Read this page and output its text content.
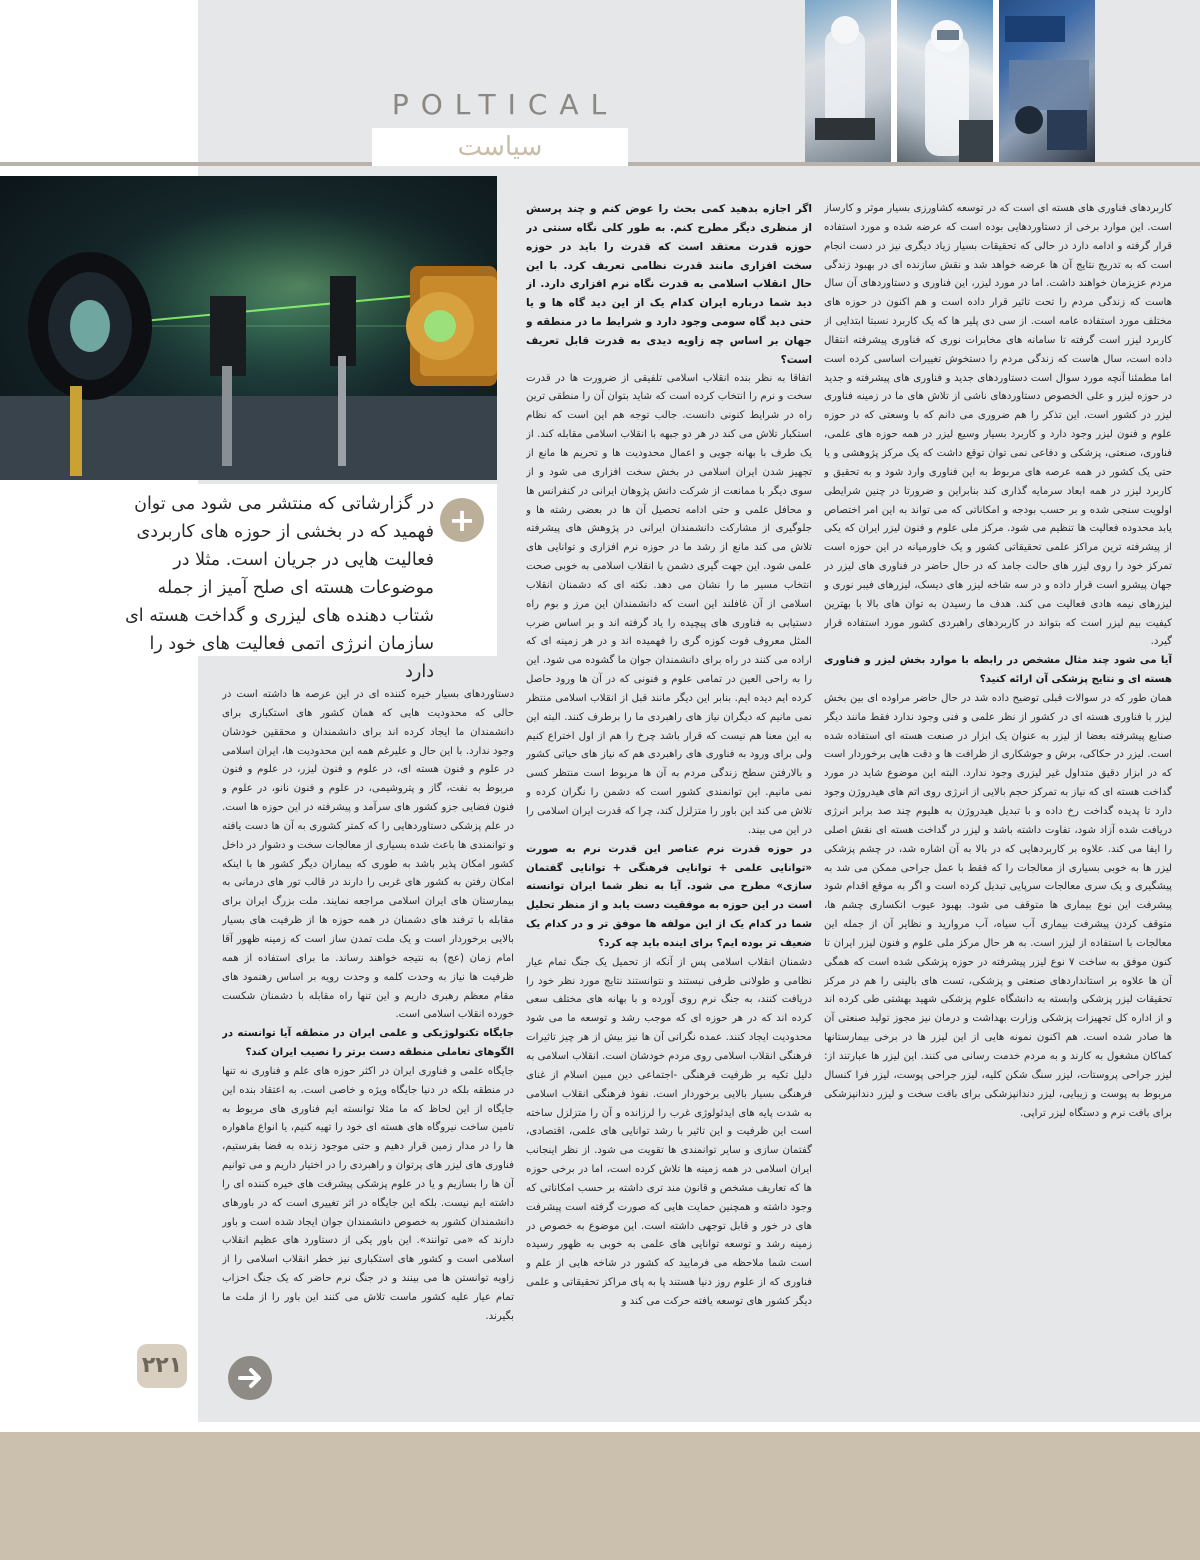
POLTICAL
سیاست
+
در گزارشاتی که منتشر می شود می توان فهمید که در بخشی از حوزه های کاربردی فعالیت هایی در جریان است. مثلا در موضوعات هسته ای صلح آمیز از جمله شتاب دهنده های لیزری و گداخت هسته ای سازمان انرژی اتمی فعالیت های خود را دارد

کاربردهای فناوری های هسته ای است که در توسعه کشاورزی بسیار موثر و کارساز است. این موارد برخی از دستاوردهایی بوده است که عرضه شده و مورد استفاده قرار گرفته و ادامه دارد در حالی که تحقیقات بسیار زیاد دیگری نیز در دست انجام است که به تدریج نتایج آن ها عرضه خواهد شد و نقش سازنده ای در بهبود زندگی مردم عزیزمان خواهند داشت. اما در مورد لیزر، این فناوری و دستاوردهای آن سال هاست که زندگی مردم را تحت تاثیر قرار داده است و هم اکنون در حوزه های مختلف مورد استفاده عامه است. از سی دی پلیر ها که یک کاربرد نسبتا ابتدایی از کاربرد لیزر است گرفته تا سامانه های مخابرات نوری که فناوری پیشرفته انتقال داده است، سال هاست که زندگی مردم را دستخوش تغییرات اساسی کرده است اما مطمئنا آنچه مورد سوال است دستاوردهای جدید و فناوری های پیشرفته و جدید در حوزه لیزر و علی الخصوص دستاوردهای ناشی از تلاش های ما در زمینه فناوری لیزر در کشور است. این تذکر را هم ضروری می دانم که با وسعتی که در حوزه علوم و فنون لیزر وجود دارد و کاربرد بسیار وسیع لیزر در همه حوزه های علمی، فناوری، صنعتی، پزشکی و دفاعی نمی توان توقع داشت که یک مرکز پژوهشی و یا حتی یک کشور در همه عرصه های مربوط به این فناوری وارد شود و به تحقیق و کاربرد لیزر در همه ابعاد سرمایه گذاری کند بنابراین و ضرورتا در چنین شرایطی اولویت سنجی شده و بر حسب بودجه و امکاناتی که می تواند به این امر اختصاص یابد محدوده فعالیت ها تنظیم می شود. مرکز ملی علوم و فنون لیزر ایران که یکی از پیشرفته ترین مراکز علمی تحقیقاتی کشور و یک خاورمیانه در این حوزه است تمرکز خود را روی لیزر های حالت جامد که در حال حاضر در فناوری های لیزر در جهان پیشرو است قرار داده و در سه شاخه لیزر های دیسک، لیزرهای فیبر نوری و لیزرهای نیمه هادی فعالیت می کند. هدف ما رسیدن به توان های بالا با بهترین کیفیت بیم لیزر است که بتواند در کاربردهای راهبردی کشور مورد استفاده قرار گیرد.

آیا می شود چند مثال مشخص در رابطه با موارد بخش لیزر و فناوری هسته ای و نتایج پزشکی آن ارائه کنید؟

همان طور که در سوالات قبلی توضیح داده شد در حال حاضر مراوده ای بین بخش لیزر با فناوری هسته ای در کشور از نظر علمی و فنی وجود ندارد فقط مانند دیگر صنایع پیشرفته بعضا از لیزر به عنوان یک ابزار در صنعت هسته ای استفاده شده است. لیزر در حکاکی، برش و جوشکاری از ظرافت ها و دقت هایی برخوردار است که در ابزار دقیق متداول غیر لیزری وجود ندارد. البته این موضوع شاید در مورد گداخت هسته ای که نیاز به تمرکز حجم بالایی از انرژی روی اتم های هیدروژن وجود دارد تا پدیده گداخت رخ داده و با تبدیل هیدروژن به هلیوم چند صد برابر انرژی دریافت شده آزاد شود، تفاوت داشته باشد و لیزر در گداخت هسته ای نقش اصلی را ایفا می کند. علاوه بر کاربردهایی که در بالا به آن اشاره شد، در چشم پزشکی لیزر ها به خوبی بسیاری از معالجات را که فقط با عمل جراحی ممکن می شد به پیشگیری و یک سری معالجات سرپایی تبدیل کرده است و اگر به موقع اقدام شود پیشرفت این نوع بیماری ها متوقف می شود. بهبود عیوب انکساری چشم ها، متوقف کردن پیشرفت بیماری آب سیاه، آب مروارید و نظایر آن از جمله این معالجات با استفاده از لیزر است. به هر حال مرکز ملی علوم و فنون لیزر ایران تا کنون موفق به ساخت ۷ نوع لیزر پیشرفته در حوزه پزشکی شده است که همگی آن ها علاوه بر استانداردهای صنعتی و پزشکی، تست های بالینی را هم در مرکز تحقیقات لیزر پزشکی وابسته به دانشگاه علوم پزشکی شهید بهشتی طی کرده اند و از اداره کل تجهیزات پزشکی وزارت بهداشت و درمان نیز مجوز تولید صنعتی آن ها صادر شده است. هم اکنون نمونه هایی از این لیزر ها در برخی بیمارستانها کماکان مشغول به کارند و به مردم خدمت رسانی می کنند. این لیزر ها عبارتند از: لیزر جراحی پروستات، لیزر سنگ شکن کلیه، لیزر جراحی پوست، لیزر فرا کنسال مربوط به پوست و زیبایی، لیزر دندانپزشکی برای بافت سخت و لیزر دندانپزشکی برای بافت نرم و دستگاه لیزر تراپی.

اگر اجازه بدهید کمی بحث را عوض کنم و چند پرسش از منظری دیگر مطرح کنم. به طور کلی نگاه سنتی در حوزه قدرت معتقد است که قدرت را باید در حوزه سخت افزاری مانند قدرت نظامی تعریف کرد. با این حال انقلاب اسلامی به قدرت نگاه نرم افزاری دارد. از دید شما درباره ایران کدام یک از این دید گاه ها و یا حتی دید گاه سومی وجود دارد و شرایط ما در منطقه و جهان بر اساس چه زاویه دیدی به قدرت قابل تعریف است؟

اتفاقا به نظر بنده انقلاب اسلامی تلفیقی از ضرورت ها در قدرت سخت و نرم را انتخاب کرده است که شاید بتوان آن را منطقی ترین راه در شرایط کنونی دانست. جالب توجه هم این است که نظام استکبار تلاش می کند در هر دو جبهه با انقلاب اسلامی مقابله کند. از یک طرف با بهانه جویی و اعمال محدودیت ها و تحریم ها مانع از تجهیز شدن ایران اسلامی در بخش سخت افزاری می شود و از سوی دیگر با ممانعت از شرکت دانش پژوهان ایرانی در کنفرانس ها و محافل علمی و حتی ادامه تحصیل آن ها در بعضی رشته ها و جلوگیری از مشارکت دانشمندان ایرانی در پژوهش های پیشرفته تلاش می کند مانع از رشد ما در حوزه نرم افزاری و توانایی های علمی شود. این جهت گیری دشمن با انقلاب اسلامی به خوبی صحت انتخاب مسیر ما را نشان می دهد. نکته ای که دشمنان انقلاب اسلامی از آن غافلند این است که دانشمندان این مرز و بوم راه دستیابی به فناوری های پیچیده را یاد گرفته اند و بر اساس ضرب المثل معروف فوت کوزه گری را فهمیده اند و در هر زمینه ای که اراده می کنند در راه برای دانشمندان جوان ما گشوده می شود. این را به راحی العین در تمامی علوم و فنونی که در آن ها ورود حاصل کرده ایم دیده ایم. بنابر این دیگر مانند قبل از انقلاب اسلامی منتظر نمی مانیم که دیگران نیاز های راهبردی ما را برطرف کنند. البته این به این معنا هم نیست که قرار باشد چرخ را هم از اول اختراع کنیم ولی برای ورود به فناوری های راهبردی هم که نیاز های حیاتی کشور و بالارفتن سطح زندگی مردم به آن ها مربوط است منتظر کسی نمی مانیم. این توانمندی کشور است که دشمن را نگران کرده و تلاش می کند این باور را متزلزل کند، چرا که قدرت ایران اسلامی را در این می بیند.

در حوزه قدرت نرم عناصر این قدرت نرم به صورت «توانایی علمی + توانایی فرهنگی + توانایی گفتمان سازی» مطرح می شود. آیا به نظر شما ایران توانسته است در این حوزه به موفقیت دست یابد و از منظر تحلیل شما در کدام یک از این مولفه ها موفق تر و در کدام یک ضعیف تر بوده ایم؟ برای اینده باید چه کرد؟

دشمنان انقلاب اسلامی پس از آنکه از تحمیل یک جنگ تمام عیار نظامی و طولانی طرفی نبستند و نتوانستند نتایج مورد نظر خود را دریافت کنند، به جنگ نرم روی آورده و با بهانه های مختلف سعی کرده اند که در هر حوزه ای که موجب رشد و توسعه ما می شود محدودیت ایجاد کنند. عمده نگرانی آن ها نیز بیش از هر چیز تاثیرات فرهنگی انقلاب اسلامی روی مردم خودشان است. انقلاب اسلامی به دلیل تکیه بر ظرفیت فرهنگی -اجتماعی دین مبین اسلام از غنای فرهنگی بسیار بالایی برخوردار است. نفوذ فرهنگی انقلاب اسلامی به شدت پایه های ایدئولوژی غرب را لرزانده و آن را متزلزل ساخته است این ظرفیت و این تاثیر با رشد توانایی های علمی، اقتصادی، گفتمان سازی و سایر توانمندی ها تقویت می شود. از نظر اینجانب ایران اسلامی در همه زمینه ها تلاش کرده است، اما در برخی حوزه ها که تعاریف مشخص و قانون مند تری داشته بر حسب امکاناتی که وجود داشته و همچنین حمایت هایی که صورت گرفته است پیشرفت های در خور و قابل توجهی داشته است. این موضوع به خصوص در زمینه رشد و توسعه توانایی های علمی به خوبی به ظهور رسیده است شما ملاحظه می فرمایید که کشور در شاخه هایی از علم و فناوری که از علوم روز دنیا هستند پا به پای مراکز تحقیقاتی و علمی دیگر کشور های توسعه یافته حرکت می کند و

دستاوردهای بسیار خیره کننده ای در این عرصه ها داشته است در حالی که محدودیت هایی که همان کشور های استکباری برای دانشمندان ما ایجاد کرده اند برای دانشمندان و محققین خودشان وجود ندارد. با این حال و علیرغم همه این محدودیت ها، ایران اسلامی در علوم و فنون هسته ای، در علوم و فنون لیزر، در علوم و فنون مربوط به نفت، گاز و پتروشیمی، در علوم و فنون نانو، در علوم و فنون فضایی جزو کشور های سرآمد و پیشرفته در این حوزه ها است. در علم پزشکی دستاوردهایی را که کمتر کشوری به آن ها دست یافته و توانمندی ها باعث شده بسیاری از معالجات سخت و دشوار در داخل کشور امکان پذیر باشد به طوری که بیماران دیگر کشور ها با اینکه امکان رفتن به کشور های غربی را دارند در قالب تور های درمانی به بیمارستان های ایران اسلامی مراجعه نمایند. ملت بزرگ ایران برای مقابله با ترفند های دشمنان در همه حوزه ها از ظرفیت های بسیار بالایی برخوردار است و یک ملت تمدن ساز است که زمینه ظهور آقا امام زمان (عج) به نتیجه خواهند رساند. ما برای استفاده از همه ظرفیت ها نیاز به وحدت کلمه و وحدت رویه بر اساس رهنمود های مقام معظم رهبری داریم و این تنها راه مقابله با دشمنان شکست خورده انقلاب اسلامی است.

جایگاه تکنولوژیکی و علمی ایران در منطقه آیا توانسته در الگوهای تعاملی منطقه دست برتر را نصیب ایران کند؟

جایگاه علمی و فناوری ایران در اکثر حوزه های علم و فناوری نه تنها در منطقه بلکه در دنیا جایگاه ویژه و خاصی است. به اعتقاد بنده این جایگاه از این لحاظ که ما مثلا توانسته ایم فناوری های مربوط به تامین ساخت نیروگاه های هسته ای خود را تهیه کنیم، یا انواع ماهواره ها را در مدار زمین قرار دهیم و حتی موجود زنده به فضا بفرستیم، فناوری های لیزر های پرتوان و راهبردی را در اختیار داریم و می توانیم آن ها را بسازیم و یا در علوم پزشکی پیشرفت های خیره کننده ای را داشته ایم نیست. بلکه این جایگاه در اثر تغییری است که در باورهای دانشمندان کشور به خصوص دانشمندان جوان ایجاد شده است و باور دارند که «می توانند». این باور یکی از دستاورد های عظیم انقلاب اسلامی است و کشور های استکباری نیز خطر انقلاب اسلامی را از زاویه توانستن ها می بینند و در جنگ نرم حاضر که یک جنگ احزاب تمام عیار علیه کشور ماست تلاش می کنند این باور را از ملت ما بگیرند.

۲۲۱
